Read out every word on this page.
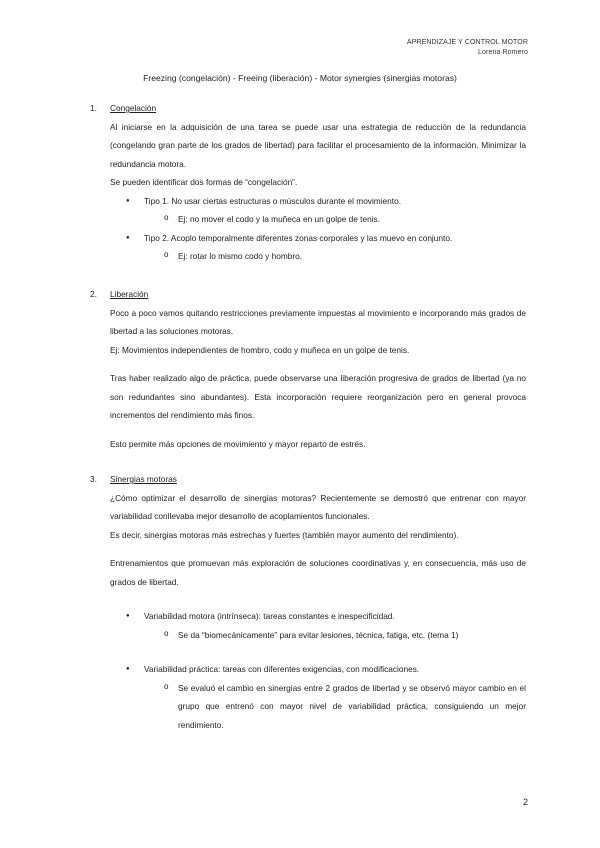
APRENDIZAJE Y CONTROL MOTOR
Lorena Romero
Freezing (congelación) - Freeing (liberación) - Motor synergies (sinergias motoras)
1.	Congelación
Al iniciarse en la adquisición de una tarea se puede usar una estrategia de reducción de la redundancia (congelando gran parte de los grados de libertad) para facilitar el procesamiento de la información. Minimizar la redundancia motora.
Se pueden identificar dos formas de “congelación”.
● Tipo 1. No usar ciertas estructuras o músculos durante el movimiento.
o Ej: no mover el codo y la muñeca en un golpe de tenis.
● Tipo 2. Acoplo temporalmente diferentes zonas corporales y las muevo en conjunto.
o Ej: rotar lo mismo codo y hombro.
2.	Liberación
Poco a poco vamos quitando restricciones previamente impuestas al movimiento e incorporando más grados de libertad a las soluciones motoras.
Ej: Movimientos independientes de hombro, codo y muñeca en un golpe de tenis.
Tras haber realizado algo de práctica, puede observarse una liberación progresiva de grados de libertad (ya no son redundantes sino abundantes). Esta incorporación requiere reorganización pero en general provoca incrementos del rendimiento más finos.
Esto permite más opciones de movimiento y mayor reparto de estrés.
3.	Sinergias motoras
¿Cómo optimizar el desarrollo de sinergias motoras? Recientemente se demostró que entrenar con mayor variabilidad conllevaba mejor desarrollo de acoplamientos funcionales.
Es decir, sinergias motoras más estrechas y fuertes (también mayor aumento del rendimiento).
Entrenamientos que promuevan más exploración de soluciones coordinativas y, en consecuencia, más uso de grados de libertad.
● Variabilidad motora (intrínseca): tareas constantes e inespecificidad.
o Se da “biomecánicamente” para evitar lesiones, técnica, fatiga, etc. (tema 1)
● Variabilidad práctica: tareas con diferentes exigencias, con modificaciones.
o Se evaluó el cambio en sinergias entre 2 grados de libertad y se observó mayor cambio en el grupo que entrenó con mayor nivel de variabilidad práctica, consiguiendo un mejor rendimiento.
2
